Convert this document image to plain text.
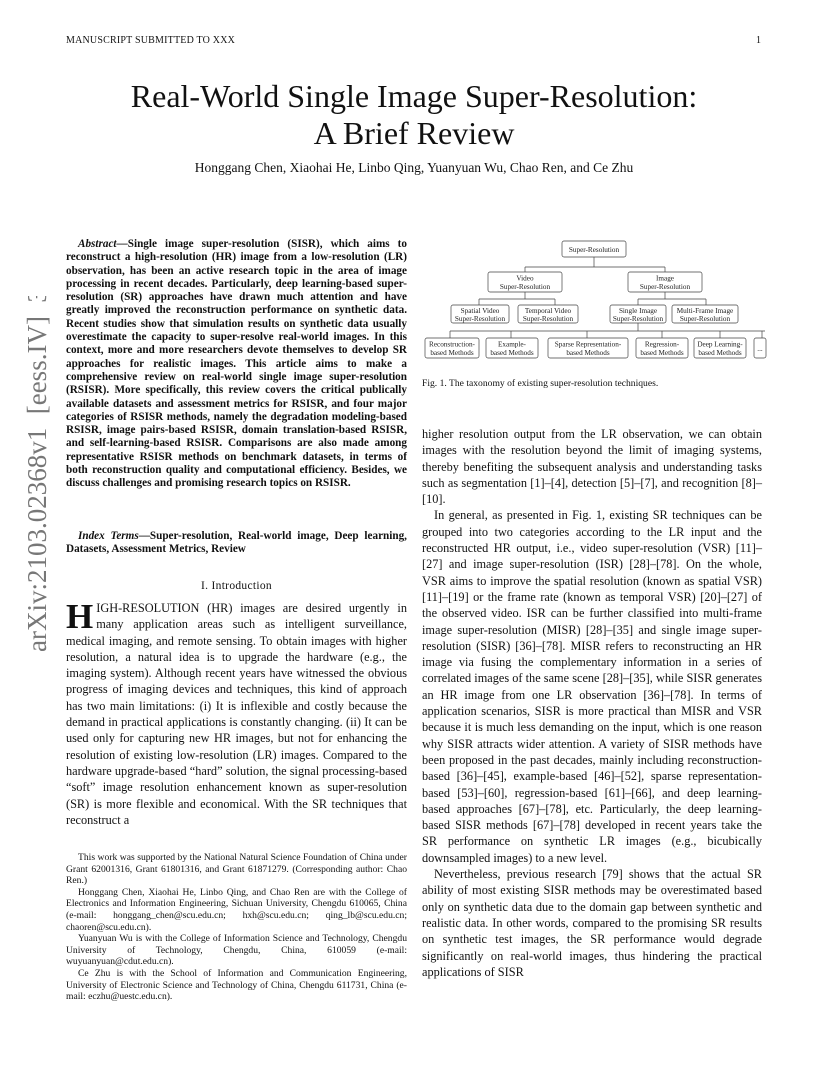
MANUSCRIPT SUBMITTED TO XXX	1
Real-World Single Image Super-Resolution:
A Brief Review
Honggang Chen, Xiaohai He, Linbo Qing, Yuanyuan Wu, Chao Ren, and Ce Zhu
arXiv:2103.02368v1  [eess.IV]  3 Mar 2021	Abstract—Single image super-resolution (SISR), which aims to reconstruct a high-resolution (HR) image from a low-resolution (LR) observation, has been an active research topic in the area of image processing in recent decades. Particularly, deep learning-based super-resolution (SR) approaches have drawn much attention and have greatly improved the reconstruction performance on synthetic data. Recent studies show that simulation results on synthetic data usually overestimate the capacity to super-resolve real-world images. In this context, more and more researchers devote themselves to develop SR approaches for realistic images. This article aims to make a comprehensive review on real-world single image super-resolution (RSISR). More specifically, this review covers the critical publically available datasets and assessment metrics for RSISR, and four major categories of RSISR methods, namely the degradation modeling-based RSISR, image pairs-based RSISR, domain translation-based RSISR, and self-learning-based RSISR. Comparisons are also made among representative RSISR methods on benchmark datasets, in terms of both reconstruction quality and computational efficiency. Besides, we discuss challenges and promising research topics on RSISR.

Index Terms—Super-resolution, Real-world image, Deep learning, Datasets, Assessment Metrics, Review

I. Introduction

HIGH-RESOLUTION (HR) images are desired urgently in many application areas such as intelligent surveillance, medical imaging, and remote sensing. To obtain images with higher resolution, a natural idea is to upgrade the hardware (e.g., the imaging system). Although recent years have witnessed the obvious progress of imaging devices and techniques, this kind of approach has two main limitations: (i) It is inflexible and costly because the demand in practical applications is constantly changing. (ii) It can be used only for capturing new HR images, but not for enhancing the resolution of existing low-resolution (LR) images. Compared to the hardware upgrade-based “hard” solution, the signal processing-based “soft” image resolution enhancement known as super-resolution (SR) is more flexible and economical. With the SR techniques that reconstruct a

This work was supported by the National Natural Science Foundation of China under Grant 62001316, Grant 61801316, and Grant 61871279. (Corresponding author: Chao Ren.)

Honggang Chen, Xiaohai He, Linbo Qing, and Chao Ren are with the College of Electronics and Information Engineering, Sichuan University, Chengdu 610065, China (e-mail: honggang_chen@scu.edu.cn; hxh@scu.edu.cn; qing_lb@scu.edu.cn; chaoren@scu.edu.cn).

Yuanyuan Wu is with the College of Information Science and Technology, Chengdu University of Technology, Chengdu, China, 610059 (e-mail: wuyuanyuan@cdut.edu.cn).

Ce Zhu is with the School of Information and Communication Engineering, University of Electronic Science and Technology of China, Chengdu 611731, China (e-mail: eczhu@uestc.edu.cn).

Super-Resolution
Video
Super-Resolution
Image
Super-Resolution
Spatial Video
Super-Resolution
Temporal Video
Super-Resolution
Single Image
Super-Resolution
Multi-Frame Image
Super-Resolution
Reconstruction-
based Methods
Example-
based Methods
Sparse Representation-
based Methods
Regression-
based Methods
Deep Learning-
based Methods ...
Fig. 1. The taxonomy of existing super-resolution techniques.

higher resolution output from the LR observation, we can obtain images with the resolution beyond the limit of imaging systems, thereby benefiting the subsequent analysis and understanding tasks such as segmentation [1]–[4], detection [5]–[7], and recognition [8]–[10].

In general, as presented in Fig. 1, existing SR techniques can be grouped into two categories according to the LR input and the reconstructed HR output, i.e., video super-resolution (VSR) [11]–[27] and image super-resolution (ISR) [28]–[78]. On the whole, VSR aims to improve the spatial resolution (known as spatial VSR) [11]–[19] or the frame rate (known as temporal VSR) [20]–[27] of the observed video. ISR can be further classified into multi-frame image super-resolution (MISR) [28]–[35] and single image super-resolution (SISR) [36]–[78]. MISR refers to reconstructing an HR image via fusing the complementary information in a series of correlated images of the same scene [28]–[35], while SISR generates an HR image from one LR observation [36]–[78]. In terms of application scenarios, SISR is more practical than MISR and VSR because it is much less demanding on the input, which is one reason why SISR attracts wider attention. A variety of SISR methods have been proposed in the past decades, mainly including reconstruction-based [36]–[45], example-based [46]–[52], sparse representation-based [53]–[60], regression-based [61]–[66], and deep learning-based approaches [67]–[78], etc. Particularly, the deep learning-based SISR methods [67]–[78] developed in recent years take the SR performance on synthetic LR images (e.g., bicubically downsampled images) to a new level.

Nevertheless, previous research [79] shows that the actual SR ability of most existing SISR methods may be overestimated based only on synthetic data due to the domain gap between synthetic and realistic data. In other words, compared to the promising SR results on synthetic test images, the SR performance would degrade significantly on real-world images, thus hindering the practical applications of SISR
